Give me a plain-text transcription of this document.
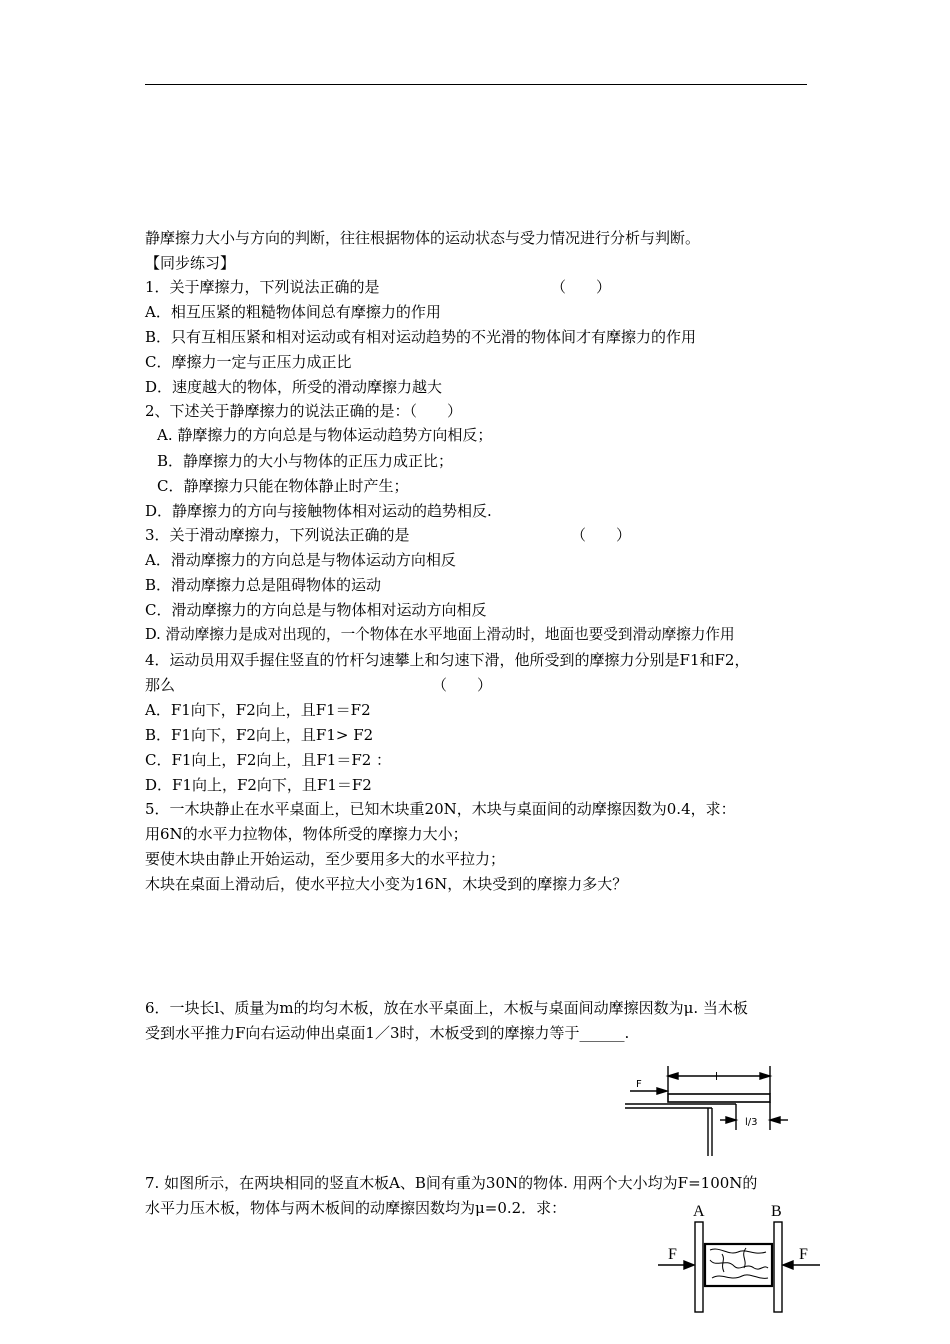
静摩擦力大小与方向的判断，往往根据物体的运动状态与受力情况进行分析与判断。
【同步练习】
1．关于摩擦力，下列说法正确的是	（　　）
A．相互压紧的粗糙物体间总有摩擦力的作用
B．只有互相压紧和相对运动或有相对运动趋势的不光滑的物体间才有摩擦力的作用
C．摩擦力一定与正压力成正比
D．速度越大的物体，所受的滑动摩擦力越大
2、下述关于静摩擦力的说法正确的是：（　　）
A. 静摩擦力的方向总是与物体运动趋势方向相反；
B．静摩擦力的大小与物体的正压力成正比；
C．静摩擦力只能在物体静止时产生；
D．静摩擦力的方向与接触物体相对运动的趋势相反.
3．关于滑动摩擦力，下列说法正确的是	（　　）
A．滑动摩擦力的方向总是与物体运动方向相反
B．滑动摩擦力总是阻碍物体的运动
C．滑动摩擦力的方向总是与物体相对运动方向相反
D. 滑动摩擦力是成对出现的，一个物体在水平地面上滑动时，地面也要受到滑动摩擦力作用
4．运动员用双手握住竖直的竹杆匀速攀上和匀速下滑，他所受到的摩擦力分别是F1和F2，
那么	（　　）
A．F1向下，F2向上，且F1＝F2
B．F1向下，F2向上，且F1> F2
C．F1向上，F2向上，且F1＝F2 ：
D．F1向上，F2向下，且F1＝F2
5．一木块静止在水平桌面上，已知木块重20N，木块与桌面间的动摩擦因数为0.4，求：
用6N的水平力拉物体，物体所受的摩擦力大小；
要使木块由静止开始运动，至少要用多大的水平拉力；
木块在桌面上滑动后，使水平拉大小变为16N，木块受到的摩擦力多大？
6．一块长l、质量为m的均匀木板，放在水平桌面上，木板与桌面间动摩擦因数为μ. 当木板
受到水平推力F向右运动伸出桌面1／3时，木板受到的摩擦力等于______.
F
l
l/3
7. 如图所示，在两块相同的竖直木板A、B间有重为30N的物体. 用两个大小均为F=100N的
水平力压木板，物体与两木板间的动摩擦因数均为μ=0.2．求：	A	B
F	F
